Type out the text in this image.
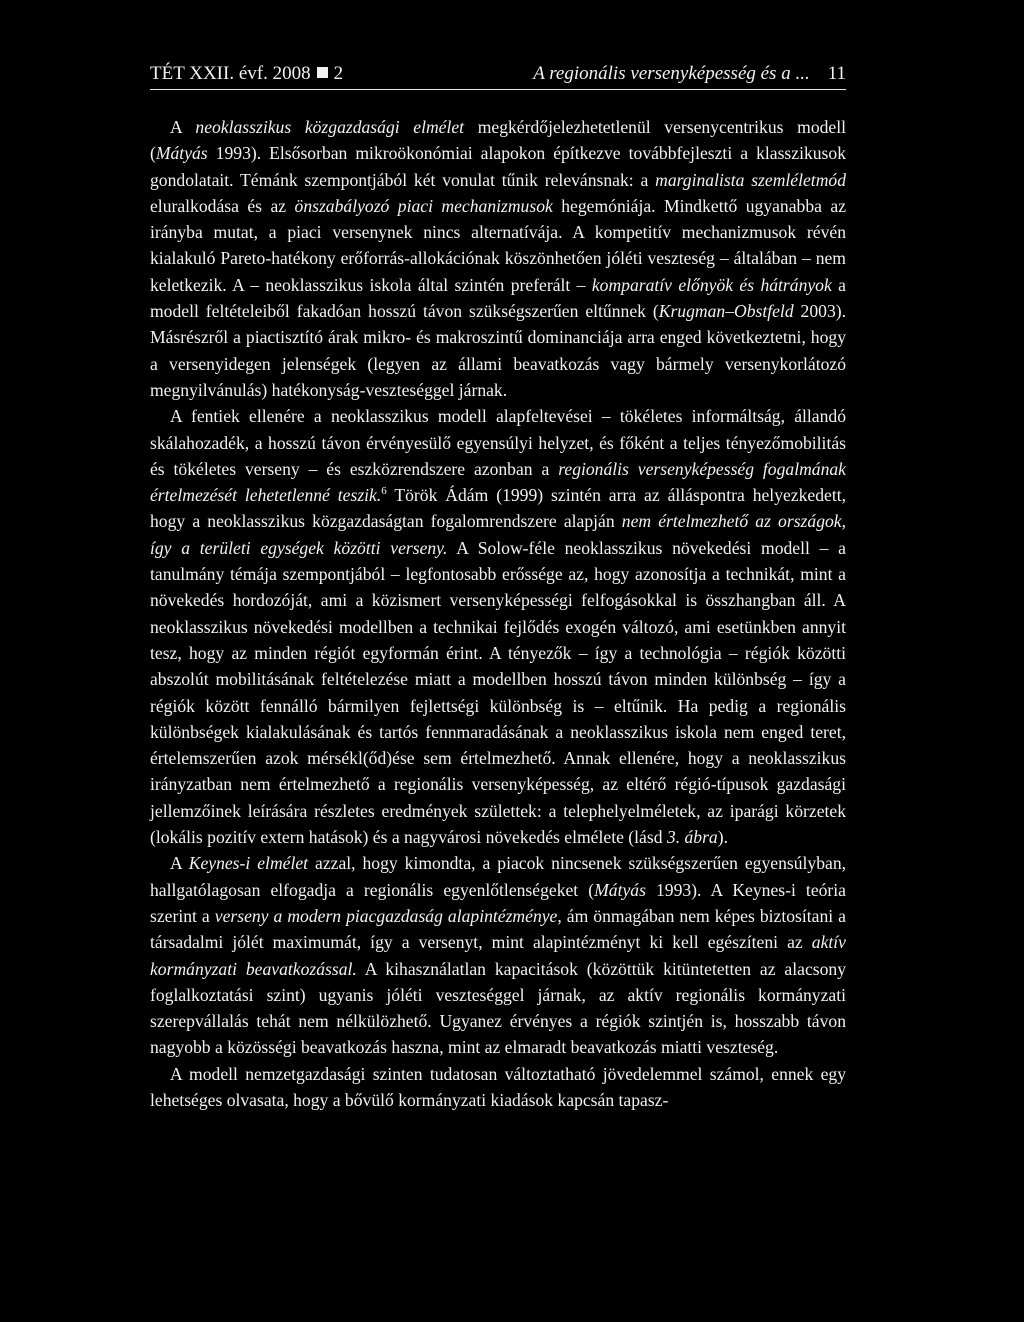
TÉT XXII. évf. 2008 2	A regionális versenyképesség és a ... 11

A neoklasszikus közgazdasági elmélet megkérdőjelezhetetlenül versenycentrikus modell (Mátyás 1993). Elsősorban mikroökonómiai alapokon építkezve továbbfejleszti a klasszikusok gondolatait. Témánk szempontjából két vonulat tűnik relevánsnak: a marginalista szemléletmód eluralkodása és az önszabályozó piaci mechanizmusok hegemóniája. Mindkettő ugyanabba az irányba mutat, a piaci versenynek nincs alternatívája. A kompetitív mechanizmusok révén kialakuló Pareto-hatékony erőforrás-allokációnak köszönhetően jóléti veszteség – általában – nem keletkezik. A – neoklasszikus iskola által szintén preferált – komparatív előnyök és hátrányok a modell feltételeiből fakadóan hosszú távon szükségszerűen eltűnnek (Krugman–Obstfeld 2003). Másrészről a piactisztító árak mikro- és makroszintű dominanciája arra enged következtetni, hogy a versenyidegen jelenségek (legyen az állami beavatkozás vagy bármely versenykorlátozó megnyilvánulás) hatékonyság-veszteséggel járnak.

A fentiek ellenére a neoklasszikus modell alapfeltevései – tökéletes informáltság, állandó skálahozadék, a hosszú távon érvényesülő egyensúlyi helyzet, és főként a teljes tényezőmobilitás és tökéletes verseny – és eszközrendszere azonban a regionális versenyképesség fogalmának értelmezését lehetetlenné teszik.$^6$ Török Ádám (1999) szintén arra az álláspontra helyezkedett, hogy a neoklasszikus közgazdaságtan fogalomrendszere alapján nem értelmezhető az országok, így a területi egységek közötti verseny. A Solow-féle neoklasszikus növekedési modell – a tanulmány témája szempontjából – legfontosabb erőssége az, hogy azonosítja a technikát, mint a növekedés hordozóját, ami a közismert versenyképességi felfogásokkal is összhangban áll. A neoklasszikus növekedési modellben a technikai fejlődés exogén változó, ami esetünkben annyit tesz, hogy az minden régiót egyformán érint. A tényezők – így a technológia – régiók közötti abszolút mobilitásának feltételezése miatt a modellben hosszú távon minden különbség – így a régiók között fennálló bármilyen fejlettségi különbség is – eltűnik. Ha pedig a regionális különbségek kialakulásának és tartós fennmaradásának a neoklasszikus iskola nem enged teret, értelemszerűen azok mérsékl(őd)ése sem értelmezhető. Annak ellenére, hogy a neoklasszikus irányzatban nem értelmezhető a regionális versenyképesség, az eltérő régió-típusok gazdasági jellemzőinek leírására részletes eredmények születtek: a telephelyelméletek, az iparági körzetek (lokális pozitív extern hatások) és a nagyvárosi növekedés elmélete (lásd 3. ábra).

A Keynes-i elmélet azzal, hogy kimondta, a piacok nincsenek szükségszerűen egyensúlyban, hallgatólagosan elfogadja a regionális egyenlőtlenségeket (Mátyás 1993). A Keynes-i teória szerint a verseny a modern piacgazdaság alapintézménye, ám önmagában nem képes biztosítani a társadalmi jólét maximumát, így a versenyt, mint alapintézményt ki kell egészíteni az aktív kormányzati beavatkozással. A kihasználatlan kapacitások (közöttük kitüntetetten az alacsony foglalkoztatási szint) ugyanis jóléti veszteséggel járnak, az aktív regionális kormányzati szerepvállalás tehát nem nélkülözhető. Ugyanez érvényes a régiók szintjén is, hosszabb távon nagyobb a közösségi beavatkozás haszna, mint az elmaradt beavatkozás miatti veszteség.

A modell nemzetgazdasági szinten tudatosan változtatható jövedelemmel számol, ennek egy lehetséges olvasata, hogy a bővülő kormányzati kiadások kapcsán tapasz-
